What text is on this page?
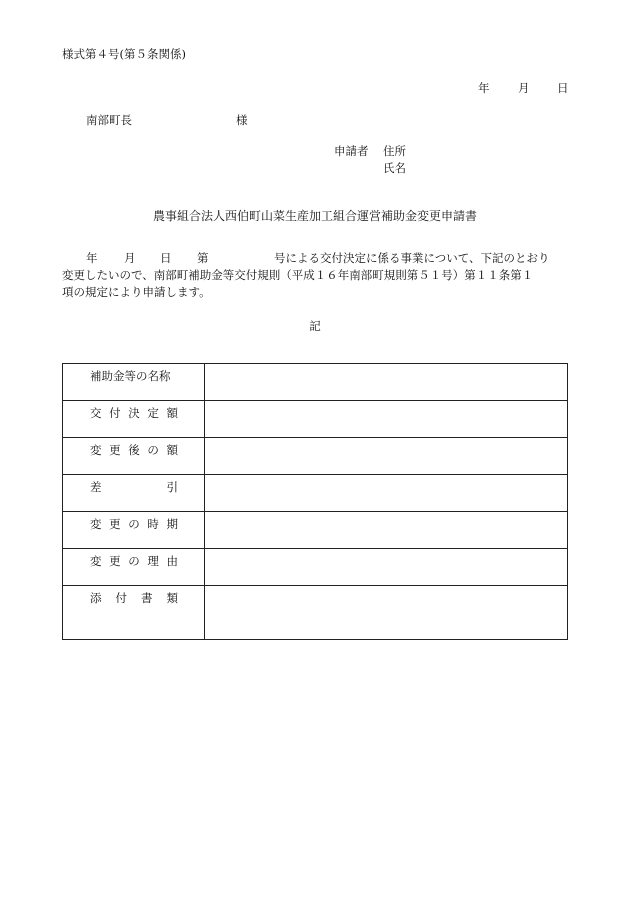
様式第４号(第５条関係)
年 月 日
南部町長	様
申請者 住所
氏名
農事組合法人西伯町山菜生産加工組合運営補助金変更申請書
年 月 日 第	号による交付決定に係る事業について、下記のとおり
変更したいので、南部町補助金等交付規則（平成１６年南部町規則第５１号）第１１条第１
項の規定により申請します。
記
補助金等の名称	

交付決定額	

変更後の額	

差引	

変更の時期	

変更の理由	

添付書類	
